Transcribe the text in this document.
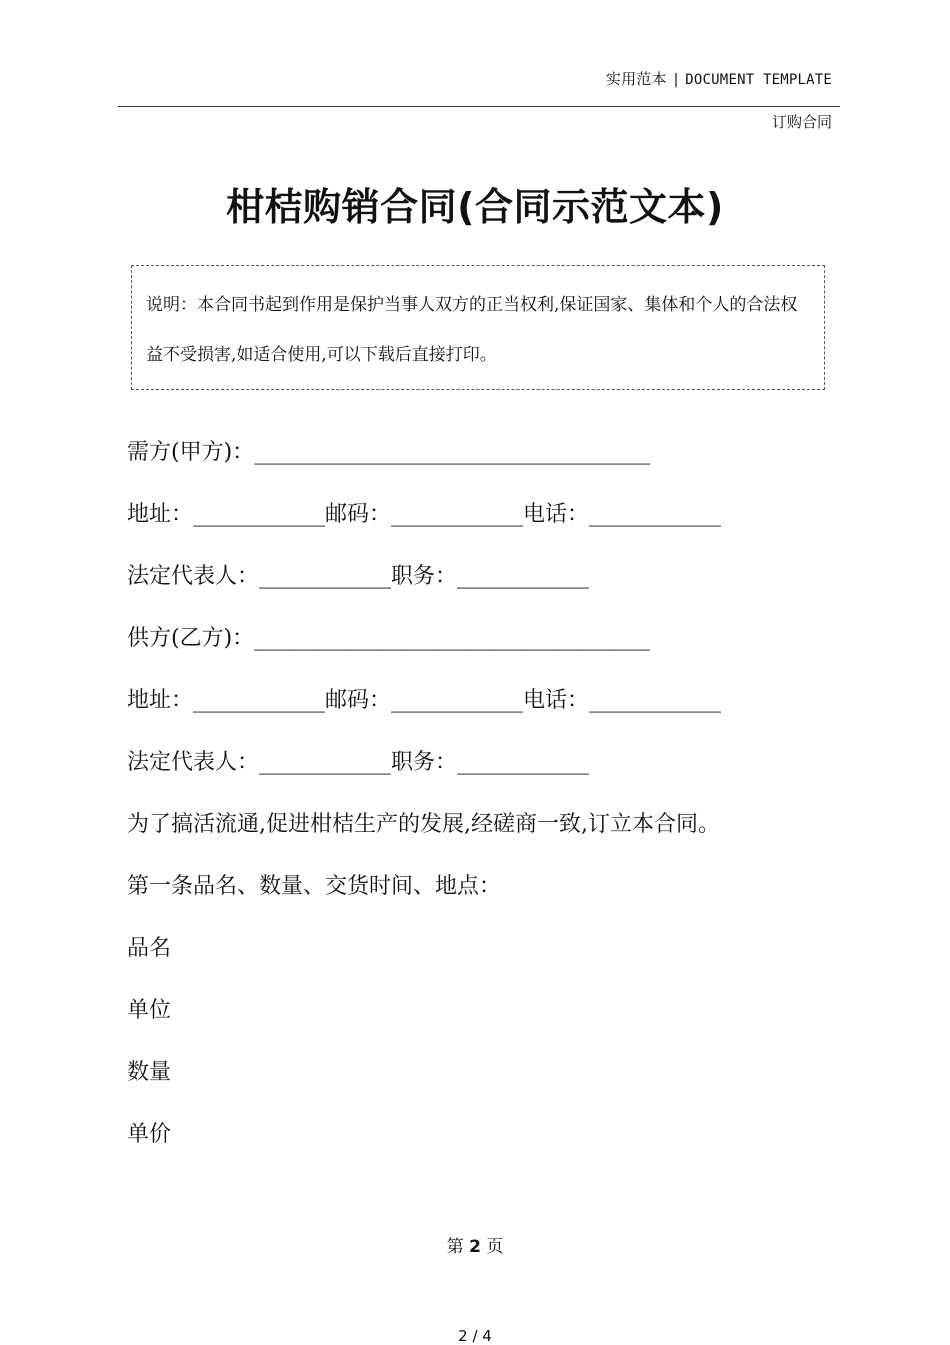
实用范本 | DOCUMENT TEMPLATE
订购合同
柑桔购销合同(合同示范文本)
说明：本合同书起到作用是保护当事人双方的正当权利,保证国家、集体和个人的合法权益不受损害,如适合使用,可以下载后直接打印。
需方(甲方)：____________________________________
地址：____________邮码：____________电话：____________
法定代表人：____________职务：____________
供方(乙方)：____________________________________
地址：____________邮码：____________电话：____________
法定代表人：____________职务：____________
为了搞活流通,促进柑桔生产的发展,经磋商一致,订立本合同。
第一条品名、数量、交货时间、地点：
品名
单位
数量
单价
第 2 页
2 / 4
